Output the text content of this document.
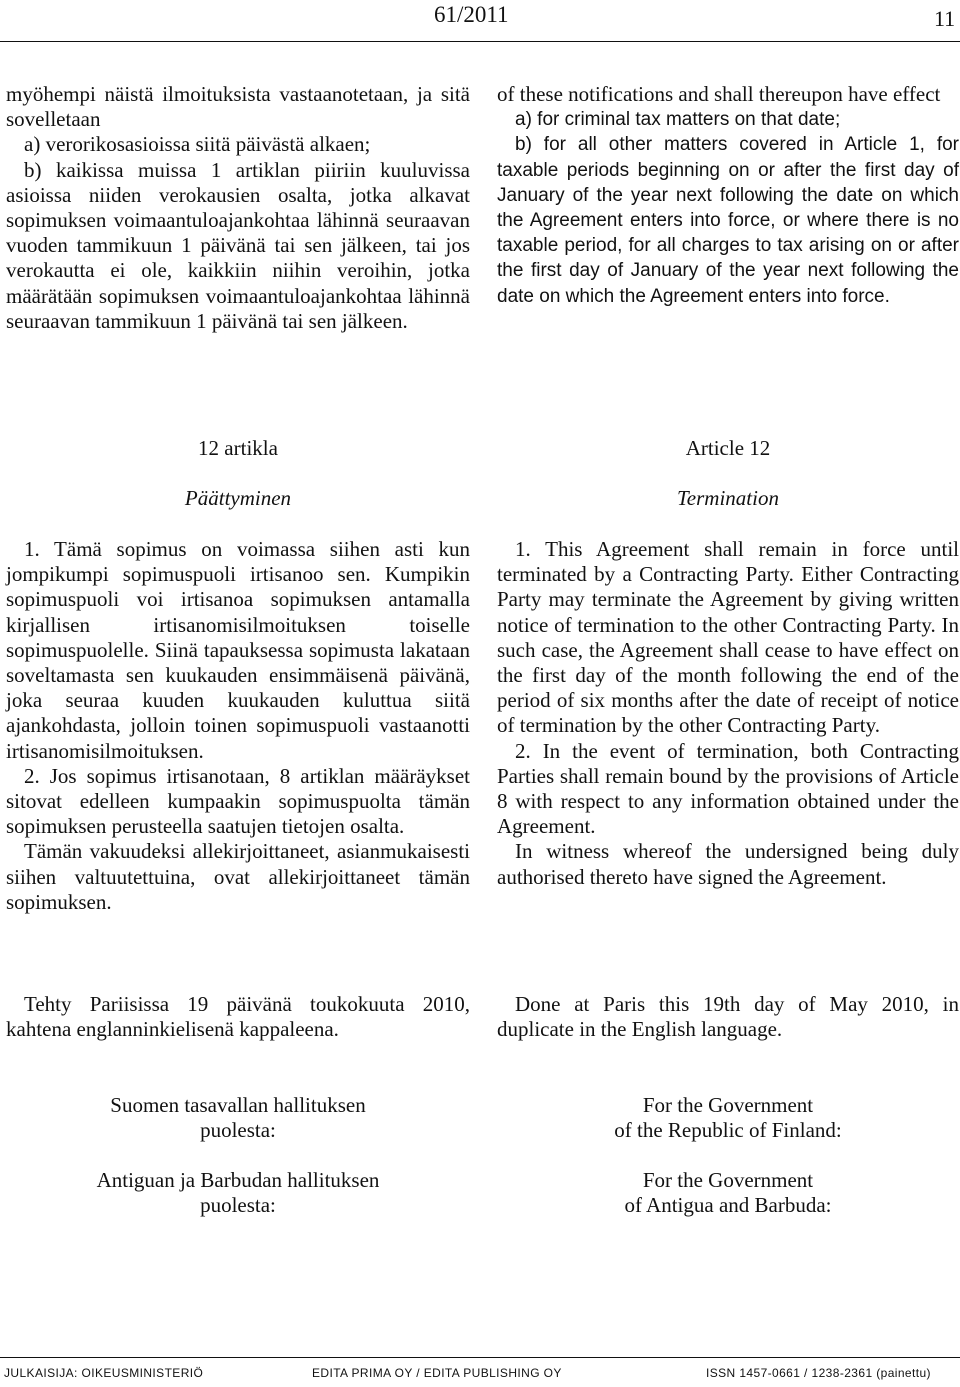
61/2011	11

myöhempi näistä ilmoituksista vastaanotetaan, ja sitä sovelletaan

a) verorikosasioissa siitä päivästä alkaen;

b) kaikissa muissa 1 artiklan piiriin kuuluvissa asioissa niiden verokausien osalta, jotka alkavat sopimuksen voimaantuloajankohtaa lähinnä seuraavan vuoden tammikuun 1 päivänä tai sen jälkeen, tai jos verokautta ei ole, kaikkiin niihin veroihin, jotka määrätään sopimuksen voimaantuloajankohtaa lähinnä seuraavan tammikuun 1 päivänä tai sen jälkeen.

of these notifications and shall thereupon have effect

a) for criminal tax matters on that date;

b) for all other matters covered in Article 1, for taxable periods beginning on or after the first day of January of the year next following the date on which the Agreement enters into force, or where there is no taxable period, for all charges to tax arising on or after the first day of January of the year next following the date on which the Agreement enters into force.

12 artikla
Päättyminen
Article 12
Termination

1. Tämä sopimus on voimassa siihen asti kun jompikumpi sopimuspuoli irtisanoo sen. Kumpikin sopimuspuoli voi irtisanoa sopimuksen antamalla kirjallisen irtisanomisilmoituksen toiselle sopimuspuolelle. Siinä tapauksessa sopimusta lakataan soveltamasta sen kuukauden ensimmäisenä päivänä, joka seuraa kuuden kuukauden kuluttua siitä ajankohdasta, jolloin toinen sopimuspuoli vastaanotti irtisanomisilmoituksen.

2. Jos sopimus irtisanotaan, 8 artiklan määräykset sitovat edelleen kumpaakin sopimuspuolta tämän sopimuksen perusteella saatujen tietojen osalta.

Tämän vakuudeksi allekirjoittaneet, asianmukaisesti siihen valtuutettuina, ovat allekirjoittaneet tämän sopimuksen.

1. This Agreement shall remain in force until terminated by a Contracting Party. Either Contracting Party may terminate the Agreement by giving written notice of termination to the other Contracting Party. In such case, the Agreement shall cease to have effect on the first day of the month following the end of the period of six months after the date of receipt of notice of termination by the other Contracting Party.

2. In the event of termination, both Contracting Parties shall remain bound by the provisions of Article 8 with respect to any information obtained under the Agreement.

In witness whereof the undersigned being duly authorised thereto have signed the Agreement.

Tehty Pariisissa 19 päivänä toukokuuta 2010, kahtena englanninkielisenä kappaleena.

Done at Paris this 19th day of May 2010, in duplicate in the English language.

Suomen tasavallan hallituksen
puolesta:
Antiguan ja Barbudan hallituksen
puolesta:
For the Government
of the Republic of Finland:
For the Government
of Antigua and Barbuda:
JULKAISIJA: OIKEUSMINISTERIÖ	EDITA PRIMA OY / EDITA PUBLISHING OY	ISSN 1457-0661 / 1238-2361 (painettu)
